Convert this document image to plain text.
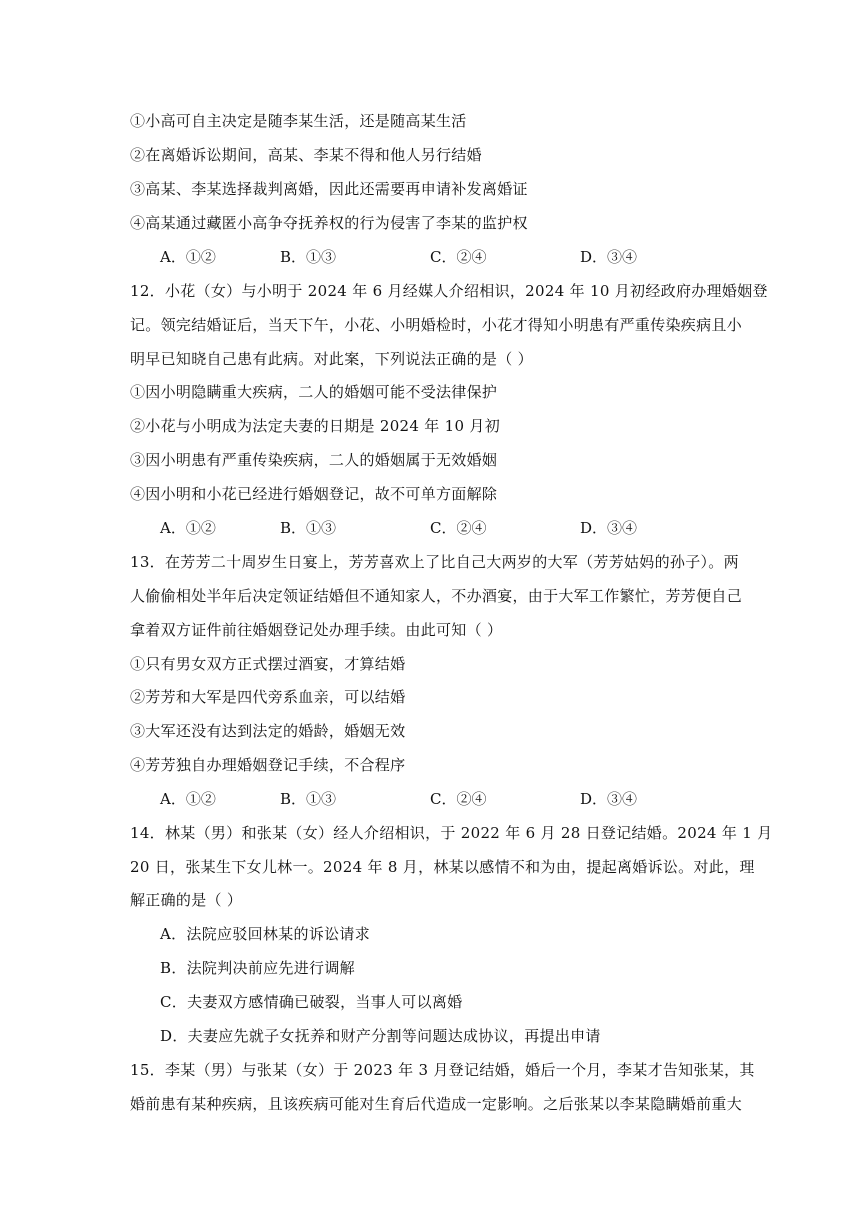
①小高可自主决定是随李某生活，还是随高某生活
②在离婚诉讼期间，高某、李某不得和他人另行结婚
③高某、李某选择裁判离婚，因此还需要再申请补发离婚证
④高某通过藏匿小高争夺抚养权的行为侵害了李某的监护权
A．①②	B．①③	C．②④	D．③④
12．小花（女）与小明于 2024 年 6 月经媒人介绍相识，2024 年 10 月初经政府办理婚姻登
记。领完结婚证后，当天下午，小花、小明婚检时，小花才得知小明患有严重传染疾病且小
明早已知晓自己患有此病。对此案，下列说法正确的是（ ）
①因小明隐瞒重大疾病，二人的婚姻可能不受法律保护
②小花与小明成为法定夫妻的日期是 2024 年 10 月初
③因小明患有严重传染疾病，二人的婚姻属于无效婚姻
④因小明和小花已经进行婚姻登记，故不可单方面解除
A．①②	B．①③	C．②④	D．③④
13．在芳芳二十周岁生日宴上，芳芳喜欢上了比自己大两岁的大军（芳芳姑妈的孙子）。两
人偷偷相处半年后决定领证结婚但不通知家人，不办酒宴，由于大军工作繁忙，芳芳便自己
拿着双方证件前往婚姻登记处办理手续。由此可知（ ）
①只有男女双方正式摆过酒宴，才算结婚
②芳芳和大军是四代旁系血亲，可以结婚
③大军还没有达到法定的婚龄，婚姻无效
④芳芳独自办理婚姻登记手续，不合程序
A．①②	B．①③	C．②④	D．③④
14．林某（男）和张某（女）经人介绍相识，于 2022 年 6 月 28 日登记结婚。2024 年 1 月
20 日，张某生下女儿林一。2024 年 8 月，林某以感情不和为由，提起离婚诉讼。对此，理
解正确的是（ ）
A．法院应驳回林某的诉讼请求
B．法院判决前应先进行调解
C．夫妻双方感情确已破裂，当事人可以离婚
D．夫妻应先就子女抚养和财产分割等问题达成协议，再提出申请
15．李某（男）与张某（女）于 2023 年 3 月登记结婚，婚后一个月，李某才告知张某，其
婚前患有某种疾病，且该疾病可能对生育后代造成一定影响。之后张某以李某隐瞒婚前重大
